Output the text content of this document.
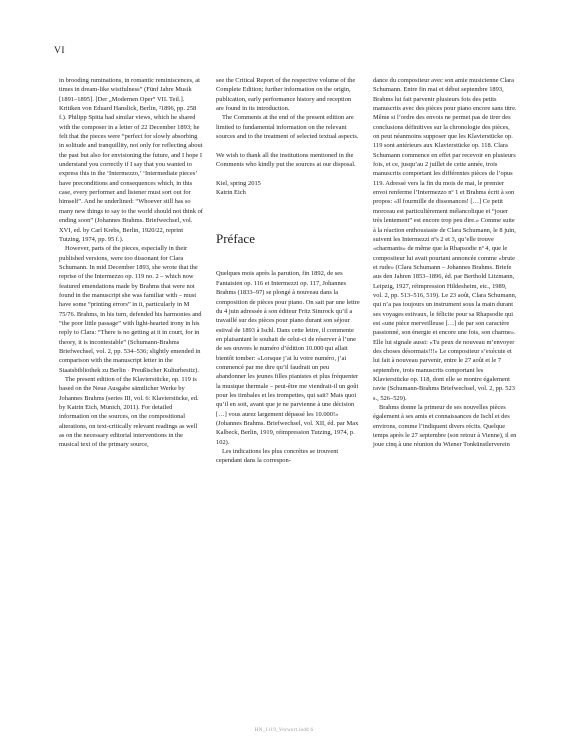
VI

in brooding ruminations, in romantic reminiscences, at times in dream-like wistfulness” (Fünf Jahre Musik [1891–1895]. [Der „Modernen Oper“ VII. Teil.]. Kritiken von Eduard Hanslick, Berlin, ²1896, pp. 258 f.). Philipp Spitta had similar views, which he shared with the composer in a letter of 22 December 1893; he felt that the pieces were “perfect for slowly absorbing in solitude and tranquillity, not only for reflecting about the past but also for envisioning the future, and I hope I understand you correctly if I say that you wanted to express this in the ‘Intermezzo,’ ‘Intermediate pieces’ have preconditions and consequences which, in this case, every performer and listener must sort out for himself”. And he underlined: “Whoever still has so many new things to say to the world should not think of ending soon” (Johannes Brahms. Briefwechsel, vol. XVI, ed. by Carl Krebs, Berlin, 1920/22, reprint Tutzing, 1974, pp. 95 f.).

However, parts of the pieces, especially in their published versions, were too dissonant for Clara Schumann. In mid December 1893, she wrote that the reprise of the Intermezzo op. 119 no. 2 – which now featured emendations made by Brahms that were not found in the manuscript she was familiar with – must have some “printing errors” in it, particularly in M 75/76. Brahms, in his turn, defended his harmonies and “the poor little passage” with light-hearted irony in his reply to Clara: “There is no getting at it in court, for in theory, it is incontestable” (Schumann-Brahms Briefwechsel, vol. 2, pp. 534–536; slightly emended in comparison with the manuscript letter in the Staatsbibliothek zu Berlin · Preußischer Kulturbesitz).

The present edition of the Klavierstücke, op. 119 is based on the Neue Ausgabe sämtlicher Werke by Johannes Brahms (series III, vol. 6: Klavierstücke, ed. by Katrin Eich, Munich, 2011). For detailed information on the sources, on the compositional alterations, on text-critically relevant readings as well as on the necessary editorial interventions in the musical text of the primary source,

see the Critical Report of the respective volume of the Complete Edition; further information on the origin, publication, early performance history and reception are found in its introduction.

The Comments at the end of the present edition are limited to fundamental information on the relevant sources and to the treatment of selected textual aspects.

We wish to thank all the institutions mentioned in the Comments who kindly put the sources at our disposal.

Kiel, spring 2015

Katrin Eich

Préface

Quelques mois après la parution, fin 1892, de ses Fantaisien op. 116 et Intermezzi op. 117, Johannes Brahms (1833–97) se plongé à nouveau dans la composition de pièces pour piano. On sait par une lettre du 4 juin adressée à son éditeur Fritz Simrock qu’il a travaillé sur des pièces pour piano durant son séjour estival de 1893 à Ischl. Dans cette lettre, il commente en plaisantant le souhait de celui-ci de réserver à l’une de ses œuvres le numéro d’édition 10.000 qui allait bientôt tomber: «Lorsque j’ai lu votre numéro, j’ai commencé par me dire qu’il faudrait un peu abandonner les jeunes filles pianistes et plus fréquenter la musique thermale – peut-être me viendrait-il un goût pour les timbales et les trompettes, qui sait? Mais quoi qu’il en soit, avant que je ne parvienne à une décision […] vous aurez largement dépassé les 10.000!» (Johannes Brahms. Briefwechsel, vol. XII, éd. par Max Kalbeck, Berlin, 1919, réimpression Tutzing, 1974, p. 102).

Les indications les plus concrètes se trouvent cependant dans la correspon-

dance du compositeur avec son amie musicienne Clara Schumann. Entre fin mai et début septembre 1893, Brahms lui fait parvenir plusieurs fois des petits manuscrits avec des pièces pour piano encore sans titre. Même si l’ordre des envois ne permet pas de tirer des conclusions définitives sur la chronologie des pièces, on peut néanmoins supposer que les Klavierstücke op. 119 sont antérieurs aux Klavierstücke op. 118. Clara Schumann commence en effet par recevoir en plusieurs fois, et ce, jusqu’au 2 juillet de cette année, trois manuscrits comportant les différentes pièces de l’opus 119. Adressé vers la fin du mois de mai, le premier envoi renferme l’Intermezzo nº 1 et Brahms écrit à son propos: «Il fourmille de dissonances! […] Ce petit morceau est particulièrement mélancolique et “jouer très lentement” est encore trop peu dire.» Comme suite à la réaction enthousiaste de Clara Schumann, le 8 juin, suivent les Intermezzi nºs 2 et 3, qu’elle trouve «charmants» de même que la Rhapsodie nº 4, que le compositeur lui avait pourtant annoncée comme «brute et rude» (Clara Schumann – Johannes Brahms. Briefe aus den Jahren 1853–1896, éd. par Berthold Litzmann, Leipzig, 1927, réimpression Hildesheim, etc., 1989, vol. 2, pp. 513–516, 519). Le 23 août, Clara Schumann, qui n’a pas toujours un instrument sous la main durant ses voyages estivaux, le félicite pour sa Rhapsodie qui est «une pièce merveilleuse […] de par son caractère passionné, son énergie et encore une fois, son charme». Elle lui signale aussi: «Tu peux de nouveau m’envoyer des choses désormais!!!» Le compositeur s’exécute et lui fait à nouveau parvenir, entre le 27 août et le 7 septembre, trois manuscrits comportant les Klavierstücke op. 118, dont elle se montre également ravie (Schumann-Brahms Briefwechsel, vol. 2, pp. 523 s., 526–529).

Brahms donne la primeur de ses nouvelles pièces également à ses amis et connaissances de Ischl et des environs, comme l’indiquent divers récits. Quelque temps après le 27 septembre (son retour à Vienne), il en joue cinq à une réunion du Wiener Tonkünstlerverein

HN_1119_Vorwort.indd 6
